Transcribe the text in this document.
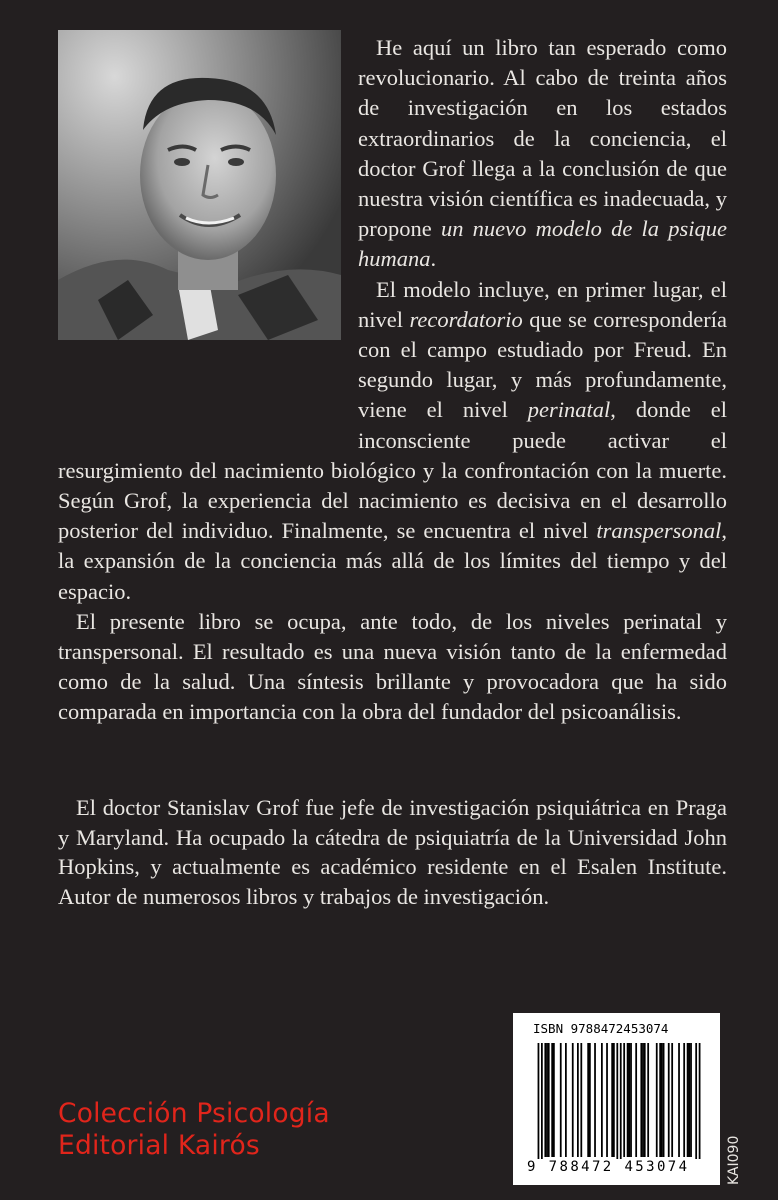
He aquí un libro tan esperado como revolucionario. Al cabo de treinta años de investigación en los estados extraordinarios de la conciencia, el doctor Grof llega a la conclusión de que nuestra visión científica es inadecuada, y propone un nuevo modelo de la psique humana.

El modelo incluye, en primer lugar, el nivel recordatorio que se correspondería con el campo estudiado por Freud. En segundo lugar, y más profundamente, viene el nivel perinatal, donde el inconsciente puede activar el resurgimiento del nacimiento biológico y la confrontación con la muerte. Según Grof, la experiencia del nacimiento es decisiva en el desarrollo posterior del individuo. Finalmente, se encuentra el nivel transpersonal, la expansión de la conciencia más allá de los límites del tiempo y del espacio.

El presente libro se ocupa, ante todo, de los niveles perinatal y transpersonal. El resultado es una nueva visión tanto de la enfermedad como de la salud. Una síntesis brillante y provocadora que ha sido comparada en importancia con la obra del fundador del psicoanálisis.

El doctor Stanislav Grof fue jefe de investigación psiquiátrica en Praga y Maryland. Ha ocupado la cátedra de psiquiatría de la Universidad John Hopkins, y actualmente es académico residente en el Esalen Institute. Autor de numerosos libros y trabajos de investigación.

Colección Psicología
Editorial Kairós
ISBN 9788472453074
9 788472 453074	KAI090
